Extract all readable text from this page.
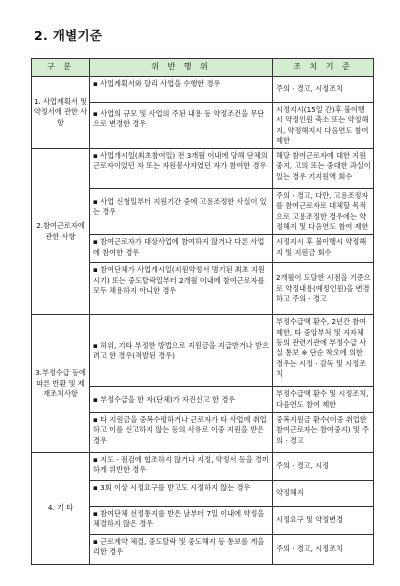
2. 개별기준
구 분	위 반 행 위	조 치 기 준
1. 사업계획서 및 약정서에 관한 사항	▪ 사업계획서와 달리 사업을 수행한 경우	주의 · 경고, 시정조치

	▪ 사업의 규모 및 사업의 주된 내용 등 약정조건을 무단으로 변경한 경우	시정지시(15일 간)후 불이행시 약정인원 축소 또는 약정해지, 약정해지시 다음연도 참여 제한
2.참여근로자에 관한 사항	▪ 사업개시일(최초참여일) 전 3개월 이내에 당해 단체의 근로자이었던 자 또는 자원봉사자였던 자가 참여한 경우	해당 참여근로자에 대한 지원 중지, 고의 또는 중대한 과실이 있는 경우 기지원액 회수

	▪ 사업 신청일부터 지원기간 중에 고용조정한 사실이 있는 경우	주의 · 경고, 다만, 고용조정자를 참여근로자로 대체할 목적으로 고용조정한 경우에는 약정해지 및 다음연도 참여 제한

	▪ 참여근로자가 대상사업에 참여하지 않거나 다른 사업에 참여한 경우	시정지시 후 불이행시 약정해지 및 지원금 회수

	▪ 참여단체가 사업개시일(지원약정서 명기된 최초 지원시기) 또는 중도탈락일부터 2개월 이내에 참여근로자를 모두 채용하지 아니한 경우	2개월이 도달한 시점을 기준으로 약정내용(예정인원)을 변경하고 주의 · 경고
3.부정수급 등에 따른 반환 및 제재조치사항	▪ 허위, 기타 부정한 방법으로 지원금을 지급받거나 받으려고 한 경우(적발된 경우)	부정수급액 환수, 2년간 참여 제한, 타 중앙부처 및 지자체 등의 관련기관에 부정수급 사실 통보 ※ 단순 착오에 의한 경우는 시정 · 감독 및 시정조치

	▪ 부정수급을 한 자(단체)가 자진신고 한 경우	부정수급액 환수 및 시정조치, 다음연도 참여 제한

	▪ 타 지원금을 중복수령하거나 근로자가 타 사업에 취업하고 이를 신고하지 않는 등의 사유로 이중 지원을 받은 경우	중복지원금 환수(이중 취업한 참여근로자는 참여중지) 및 주의 · 경고
4. 기 타	▪ 지도 · 점검에 협조하지 않거나 지정, 약정서 등을 경미하게 위반한 경우	주의 · 경고, 시정

	▪ 3회 이상 시정요구를 받고도 시정하지 않는 경우	약정해지

	▪ 참여단체 선정통지를 받은 날부터 7일 이내에 약정을 체결하지 않은 경우	시정요구 및 약정변경

	▪ 근로계약 체결, 중도탈락 및 중도해지 등 통보를 게을리한 경우	주의 · 경고, 시정조치
